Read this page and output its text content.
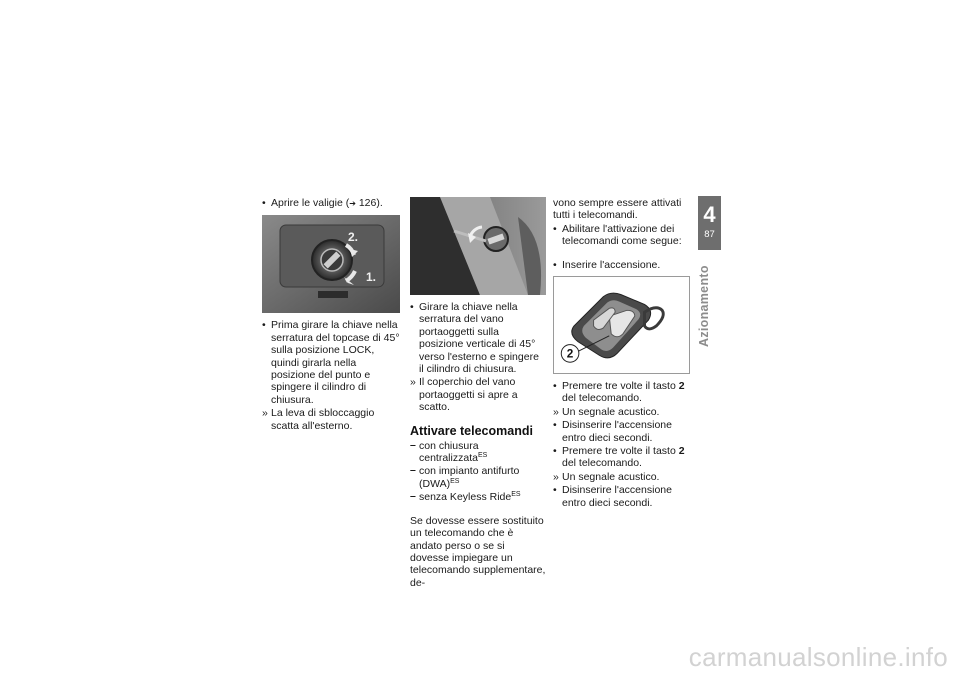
• Aprire le valigie (➔ 126).
2.
1.
• Prima girare la chiave nella serratura del topcase di 45° sulla posizione LOCK, quindi girarla nella posizione del punto e spingere il cilindro di chiusura.
» La leva di sbloccaggio scatta all'esterno.
• Girare la chiave nella serratura del vano portaoggetti sulla posizione verticale di 45° verso l'esterno e spingere il cilindro di chiusura.
» Il coperchio del vano portaoggetti si apre a scatto.
Attivare telecomandi
– con chiusura centralizzata$^{ES}$
– con impianto antifurto (DWA)$^{ES}$
– senza Keyless Ride$^{ES}$

Se dovesse essere sostituito un telecomando che è andato perso o se si dovesse impiegare un telecomando supplementare, de-

vono sempre essere attivati tutti i telecomandi.

• Abilitare l'attivazione dei telecomandi come segue:
• Inserire l'accensione.
2
• Premere tre volte il tasto 2 del telecomando.
» Un segnale acustico.
• Disinserire l'accensione entro dieci secondi.
• Premere tre volte il tasto 2 del telecomando.
» Un segnale acustico.
• Disinserire l'accensione entro dieci secondi.
4
87
Azionamento
carmanualsonline.info
